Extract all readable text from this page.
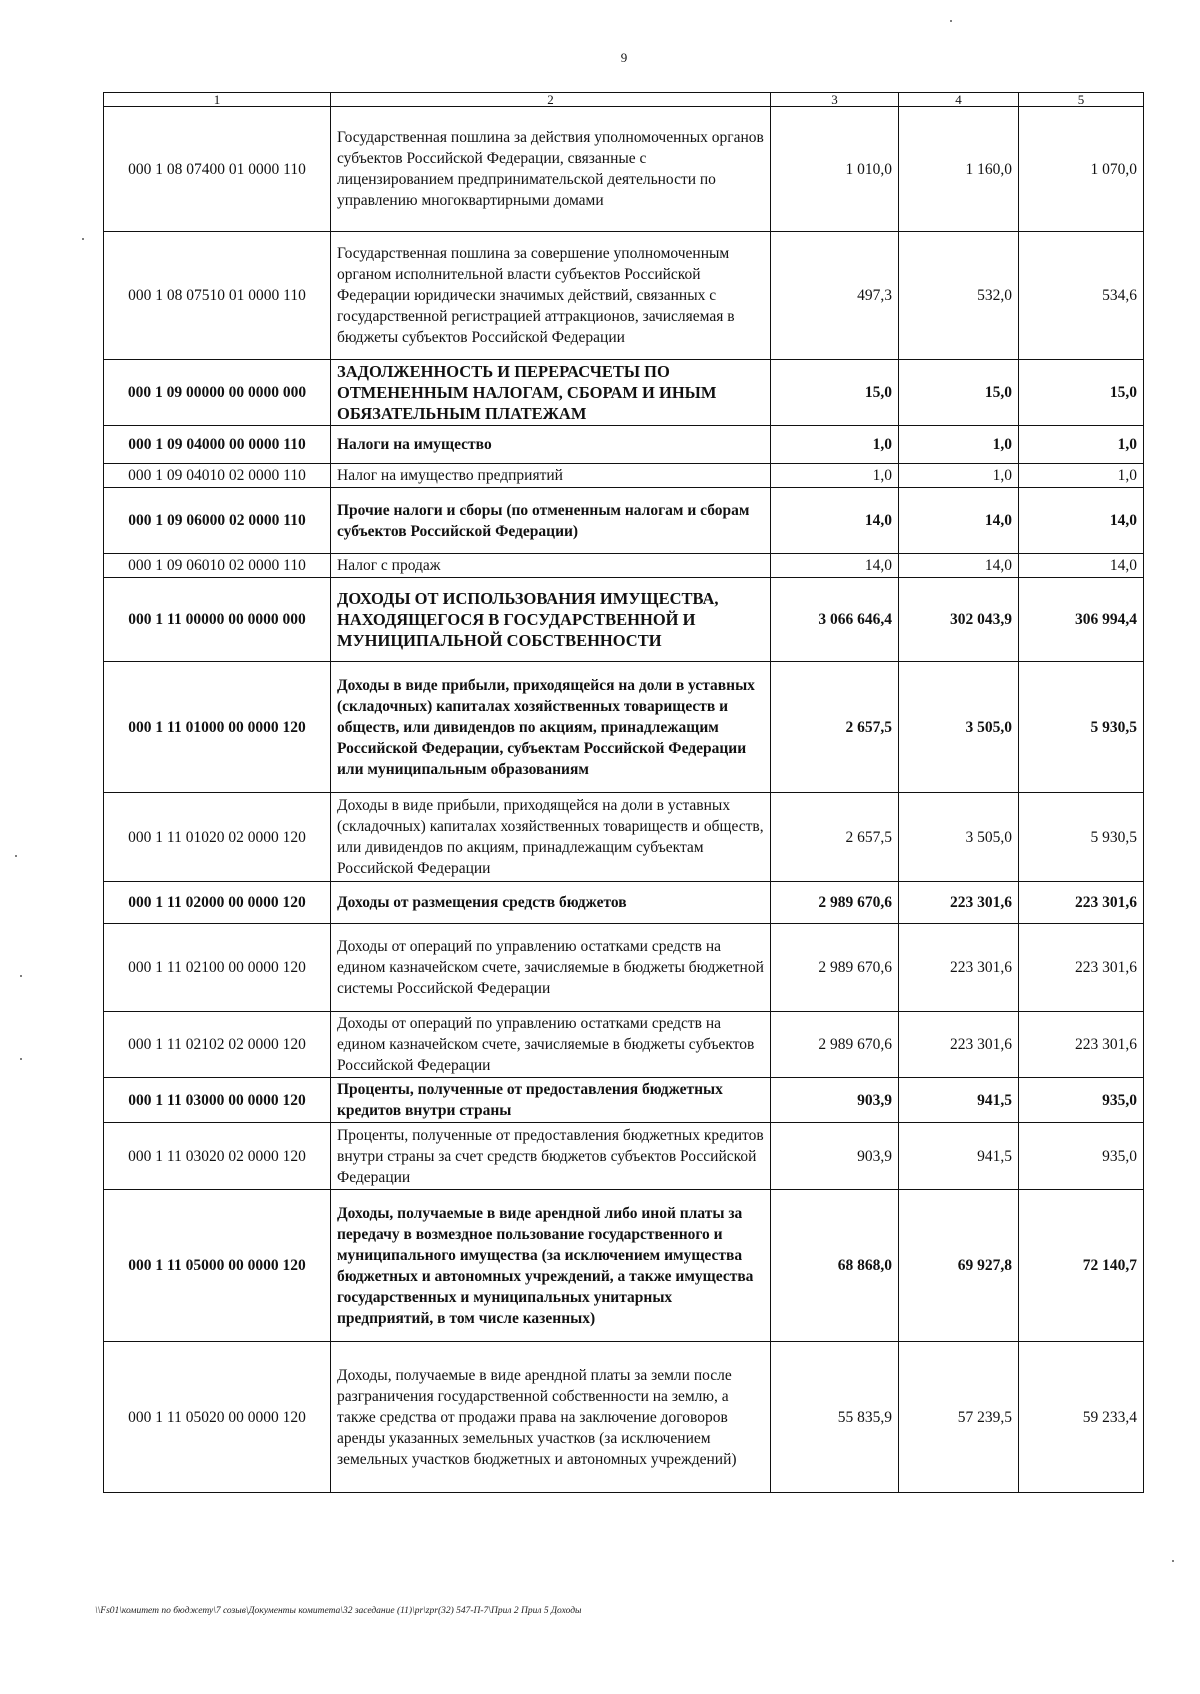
9
1	2	3	4	5
000 1 08 07400 01 0000 110	Государственная пошлина за действия уполномоченных органов субъектов Российской Федерации, связанные с лицензированием предпринимательской деятельности по управлению многоквартирными домами	1 010,0	1 160,0	1 070,0
000 1 08 07510 01 0000 110	Государственная пошлина за совершение уполномоченным органом исполнительной власти субъектов Российской Федерации юридически значимых действий, связанных с государственной регистрацией аттракционов, зачисляемая в бюджеты субъектов Российской Федерации	497,3	532,0	534,6
000 1 09 00000 00 0000 000	ЗАДОЛЖЕННОСТЬ И ПЕРЕРАСЧЕТЫ ПО ОТМЕНЕННЫМ НАЛОГАМ, СБОРАМ И ИНЫМ ОБЯЗАТЕЛЬНЫМ ПЛАТЕЖАМ	15,0	15,0	15,0
000 1 09 04000 00 0000 110	Налоги на имущество	1,0	1,0	1,0
000 1 09 04010 02 0000 110	Налог на имущество предприятий	1,0	1,0	1,0
000 1 09 06000 02 0000 110	Прочие налоги и сборы (по отмененным налогам и сборам субъектов Российской Федерации)	14,0	14,0	14,0
000 1 09 06010 02 0000 110	Налог с продаж	14,0	14,0	14,0
000 1 11 00000 00 0000 000	ДОХОДЫ ОТ ИСПОЛЬЗОВАНИЯ ИМУЩЕСТВА, НАХОДЯЩЕГОСЯ В ГОСУДАРСТВЕННОЙ И МУНИЦИПАЛЬНОЙ СОБСТВЕННОСТИ	3 066 646,4	302 043,9	306 994,4
000 1 11 01000 00 0000 120	Доходы в виде прибыли, приходящейся на доли в уставных (складочных) капиталах хозяйственных товариществ и обществ, или дивидендов по акциям, принадлежащим Российской Федерации, субъектам Российской Федерации или муниципальным образованиям	2 657,5	3 505,0	5 930,5
000 1 11 01020 02 0000 120	Доходы в виде прибыли, приходящейся на доли в уставных (складочных) капиталах хозяйственных товариществ и обществ, или дивидендов по акциям, принадлежащим субъектам Российской Федерации	2 657,5	3 505,0	5 930,5
000 1 11 02000 00 0000 120	Доходы от размещения средств бюджетов	2 989 670,6	223 301,6	223 301,6
000 1 11 02100 00 0000 120	Доходы от операций по управлению остатками средств на едином казначейском счете, зачисляемые в бюджеты бюджетной системы Российской Федерации	2 989 670,6	223 301,6	223 301,6
000 1 11 02102 02 0000 120	Доходы от операций по управлению остатками средств на едином казначейском счете, зачисляемые в бюджеты субъектов Российской Федерации	2 989 670,6	223 301,6	223 301,6
000 1 11 03000 00 0000 120	Проценты, полученные от предоставления бюджетных кредитов внутри страны	903,9	941,5	935,0
000 1 11 03020 02 0000 120	Проценты, полученные от предоставления бюджетных кредитов внутри страны за счет средств бюджетов субъектов Российской Федерации	903,9	941,5	935,0
000 1 11 05000 00 0000 120	Доходы, получаемые в виде арендной либо иной платы за передачу в возмездное пользование государственного и муниципального имущества (за исключением имущества бюджетных и автономных учреждений, а также имущества государственных и муниципальных унитарных предприятий, в том числе казенных)	68 868,0	69 927,8	72 140,7
000 1 11 05020 00 0000 120	Доходы, получаемые в виде арендной платы за земли после разграничения государственной собственности на землю, а также средства от продажи права на заключение договоров аренды указанных земельных участков (за исключением земельных участков бюджетных и автономных учреждений)	55 835,9	57 239,5	59 233,4
\\Fs01\комитет по бюджету\7 созыв\Документы комитета\32 заседание (11)\pr\zpr(32) 547-П-7\Прил 2 Прил 5 Доходы
